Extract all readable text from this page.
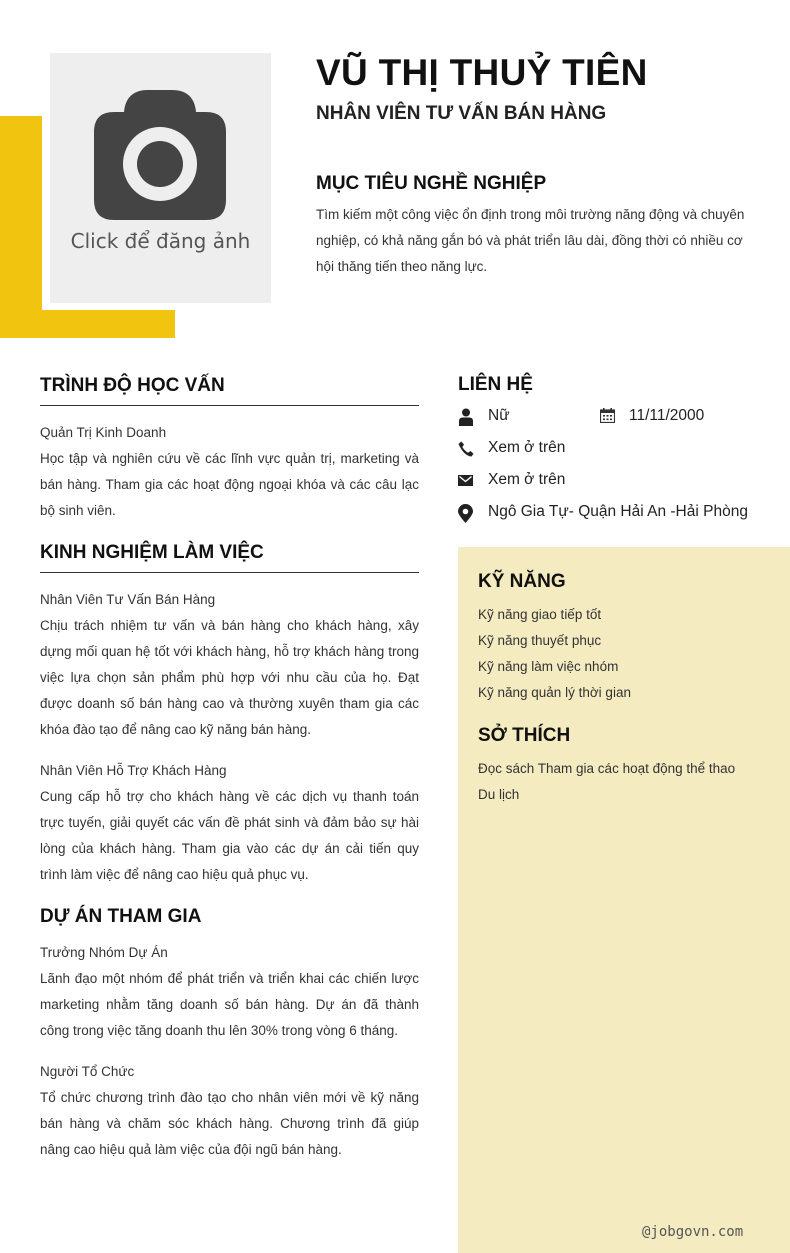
Click để đăng ảnh
VŨ THỊ THUỶ TIÊN
NHÂN VIÊN TƯ VẤN BÁN HÀNG
MỤC TIÊU NGHỀ NGHIỆP
Tìm kiếm một công việc ổn định trong môi trường năng động và chuyên nghiệp, có khả năng gắn bó và phát triển lâu dài, đồng thời có nhiều cơ hội thăng tiến theo năng lực.
TRÌNH ĐỘ HỌC VẤN
Quản Trị Kinh Doanh
Học tập và nghiên cứu về các lĩnh vực quản trị, marketing và bán hàng. Tham gia các hoạt động ngoại khóa và các câu lạc bộ sinh viên.
KINH NGHIỆM LÀM VIỆC
Nhân Viên Tư Vấn Bán Hàng
Chịu trách nhiệm tư vấn và bán hàng cho khách hàng, xây dựng mối quan hệ tốt với khách hàng, hỗ trợ khách hàng trong việc lựa chọn sản phẩm phù hợp với nhu cầu của họ. Đạt được doanh số bán hàng cao và thường xuyên tham gia các khóa đào tạo để nâng cao kỹ năng bán hàng.
Nhân Viên Hỗ Trợ Khách Hàng
Cung cấp hỗ trợ cho khách hàng về các dịch vụ thanh toán trực tuyến, giải quyết các vấn đề phát sinh và đảm bảo sự hài lòng của khách hàng. Tham gia vào các dự án cải tiến quy trình làm việc để nâng cao hiệu quả phục vụ.
DỰ ÁN THAM GIA
Trưởng Nhóm Dự Án
Lãnh đạo một nhóm để phát triển và triển khai các chiến lược marketing nhằm tăng doanh số bán hàng. Dự án đã thành công trong việc tăng doanh thu lên 30% trong vòng 6 tháng.
Người Tổ Chức
Tổ chức chương trình đào tạo cho nhân viên mới về kỹ năng bán hàng và chăm sóc khách hàng. Chương trình đã giúp nâng cao hiệu quả làm việc của đội ngũ bán hàng.
LIÊN HỆ
Nữ	11/11/2000
Xem ở trên
Xem ở trên
Ngô Gia Tự- Quận Hải An -Hải Phòng
KỸ NĂNG
Kỹ năng giao tiếp tốt
Kỹ năng thuyết phục
Kỹ năng làm việc nhóm
Kỹ năng quản lý thời gian
SỞ THÍCH
Đọc sách Tham gia các hoạt động thể thao
Du lịch
@jobgovn.com
